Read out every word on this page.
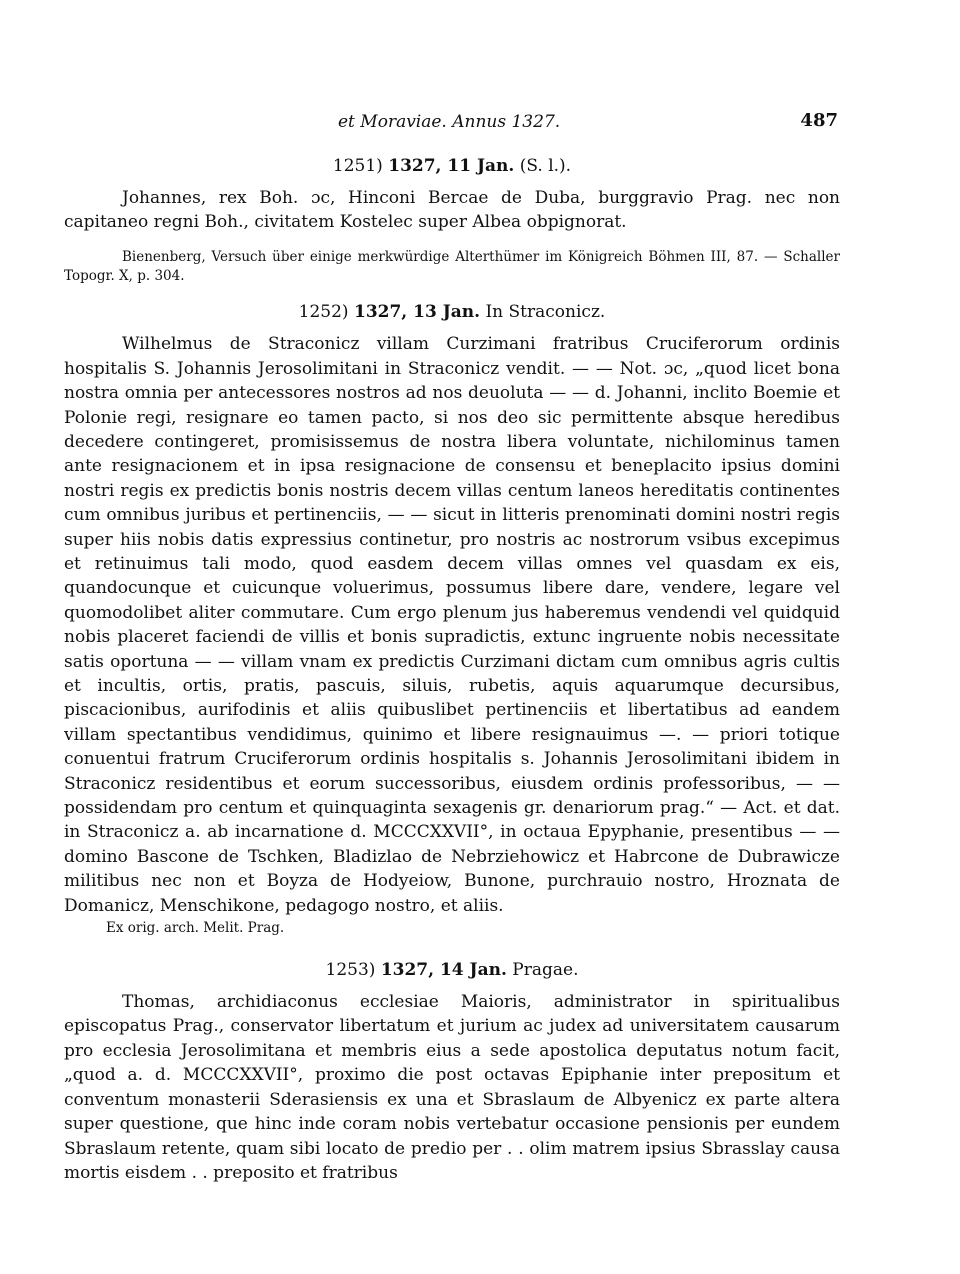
et Moraviae. Annus 1327.	487
1251) 1327, 11 Jan. (S. l.).

Johannes, rex Boh. ɔc, Hinconi Bercae de Duba, burggravio Prag. nec non capitaneo regni Boh., civitatem Kostelec super Albea obpignorat.

Bienenberg, Versuch über einige merkwürdige Alterthümer im Königreich Böhmen III, 87. — Schaller Topogr. X, p. 304.

1252) 1327, 13 Jan. In Straconicz.

Wilhelmus de Straconicz villam Curzimani fratribus Cruciferorum ordinis hospitalis S. Johannis Jerosolimitani in Straconicz vendit. — — Not. ɔc, „quod licet bona nostra omnia per antecessores nostros ad nos deuoluta — — d. Johanni, inclito Boemie et Polonie regi, resignare eo tamen pacto, si nos deo sic permittente absque heredibus decedere contingeret, promisissemus de nostra libera voluntate, nichilominus tamen ante resignacionem et in ipsa resignacione de consensu et beneplacito ipsius domini nostri regis ex predictis bonis nostris decem villas centum laneos hereditatis continentes cum omnibus juribus et pertinenciis, — — sicut in litteris prenominati domini nostri regis super hiis nobis datis expressius continetur, pro nostris ac nostrorum vsibus excepimus et retinuimus tali modo, quod easdem decem villas omnes vel quasdam ex eis, quandocunque et cuicunque voluerimus, possumus libere dare, vendere, legare vel quomodolibet aliter commutare. Cum ergo plenum jus haberemus vendendi vel quidquid nobis placeret faciendi de villis et bonis supradictis, extunc ingruente nobis necessitate satis oportuna — — villam vnam ex predictis Curzimani dictam cum omnibus agris cultis et incultis, ortis, pratis, pascuis, siluis, rubetis, aquis aquarumque decursibus, piscacionibus, aurifodinis et aliis quibuslibet pertinenciis et libertatibus ad eandem villam spectantibus vendidimus, quinimo et libere resignauimus —. — priori totique conuentui fratrum Cruciferorum ordinis hospitalis s. Johannis Jerosolimitani ibidem in Straconicz residentibus et eorum successoribus, eiusdem ordinis professoribus, — — possidendam pro centum et quinquaginta sexagenis gr. denariorum prag.“ — Act. et dat. in Straconicz a. ab incarnatione d. MCCCXXVII°, in octaua Epyphanie, presentibus — — domino Bascone de Tschken, Bladizlao de Nebrziehowicz et Habrcone de Dubrawicze militibus nec non et Boyza de Hodyeiow, Bunone, purchrauio nostro, Hroznata de Domanicz, Menschikone, pedagogo nostro, et aliis.

Ex orig. arch. Melit. Prag.
1253) 1327, 14 Jan. Pragae.

Thomas, archidiaconus ecclesiae Maioris, administrator in spiritualibus episcopatus Prag., conservator libertatum et jurium ac judex ad universitatem causarum pro ecclesia Jerosolimitana et membris eius a sede apostolica deputatus notum facit, „quod a. d. MCCCXXVII°, proximo die post octavas Epiphanie inter prepositum et conventum monasterii Sderasiensis ex una et Sbraslaum de Albyenicz ex parte altera super questione, que hinc inde coram nobis vertebatur occasione pensionis per eundem Sbraslaum retente, quam sibi locato de predio per . . olim matrem ipsius Sbrasslay causa mortis eisdem . . preposito et fratribus
